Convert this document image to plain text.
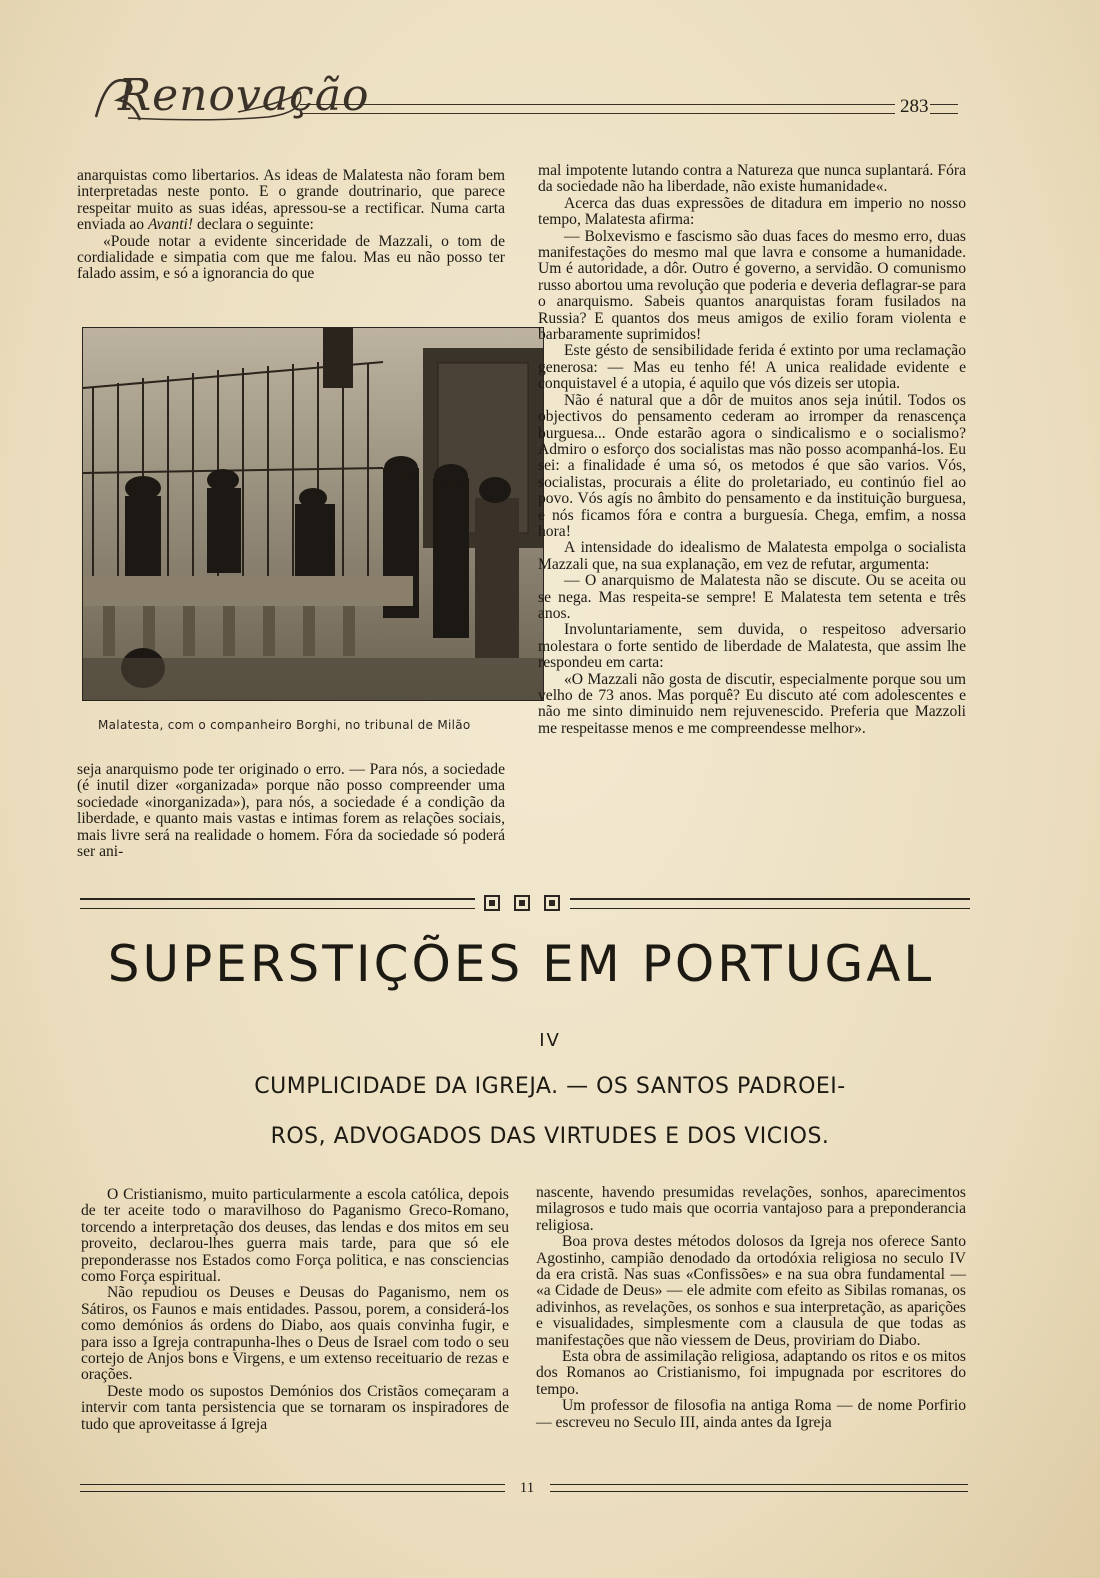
Renovação	283

anarquistas como libertarios. As ideas de Malatesta não foram bem interpretadas neste ponto. E o grande doutrinario, que parece respeitar muito as suas idéas, apressou-se a rectificar. Numa carta enviada ao Avanti! declara o seguinte:

«Poude notar a evidente sinceridade de Mazzali, o tom de cordialidade e simpatia com que me falou. Mas eu não posso ter falado assim, e só a ignorancia do que

Malatesta, com o companheiro Borghi, no tribunal de Milão

seja anarquismo pode ter originado o erro. — Para nós, a sociedade (é inutil dizer «organizada» porque não posso compreender uma sociedade «inorganizada»), para nós, a sociedade é a condição da liberdade, e quanto mais vastas e intimas forem as relações sociais, mais livre será na realidade o homem. Fóra da sociedade só poderá ser ani-

mal impotente lutando contra a Natureza que nunca suplantará. Fóra da sociedade não ha liberdade, não existe humanidade«.

Acerca das duas expressões de ditadura em imperio no nosso tempo, Malatesta afirma:

— Bolxevismo e fascismo são duas faces do mesmo erro, duas manifestações do mesmo mal que lavra e consome a humanidade. Um é autoridade, a dôr. Outro é governo, a servidão. O comunismo russo abortou uma revolução que poderia e deveria deflagrar-se para o anarquismo. Sabeis quantos anarquistas foram fusilados na Russia? E quantos dos meus amigos de exilio foram violenta e barbaramente suprimidos!

Este gésto de sensibilidade ferida é extinto por uma reclamação generosa: — Mas eu tenho fé! A unica realidade evidente e conquistavel é a utopia, é aquilo que vós dizeis ser utopia.

Não é natural que a dôr de muitos anos seja inútil. Todos os objectivos do pensamento cederam ao irromper da renascença burguesa... Onde estarão agora o sindicalismo e o socialismo? Admiro o esforço dos socialistas mas não posso acompanhá-los. Eu sei: a finalidade é uma só, os metodos é que são varios. Vós, socialistas, procurais a élite do proletariado, eu continúo fiel ao povo. Vós agís no âmbito do pensamento e da instituição burguesa, e nós ficamos fóra e contra a burguesía. Chega, emfim, a nossa hora!

A intensidade do idealismo de Malatesta empolga o socialista Mazzali que, na sua explanação, em vez de refutar, argumenta:

— O anarquismo de Malatesta não se discute. Ou se aceita ou se nega. Mas respeita-se sempre! E Malatesta tem setenta e três anos.

Involuntariamente, sem duvida, o respeitoso adversario molestara o forte sentido de liberdade de Malatesta, que assim lhe respondeu em carta:

«O Mazzali não gosta de discutir, especialmente porque sou um velho de 73 anos. Mas porquê? Eu discuto até com adolescentes e não me sinto diminuido nem rejuvenescido. Preferia que Mazzoli me respeitasse menos e me compreendesse melhor».

SUPERSTIÇÕES EM PORTUGAL
IV
CUMPLICIDADE DA IGREJA. — OS SANTOS PADROEI-
ROS, ADVOGADOS DAS VIRTUDES E DOS VICIOS.

O Cristianismo, muito particularmente a escola católica, depois de ter aceite todo o maravilhoso do Paganismo Greco-Romano, torcendo a interpretação dos deuses, das lendas e dos mitos em seu proveito, declarou-lhes guerra mais tarde, para que só ele preponderasse nos Estados como Força politica, e nas consciencias como Força espiritual.

Não repudiou os Deuses e Deusas do Paganismo, nem os Sátiros, os Faunos e mais entidades. Passou, porem, a considerá-los como demónios ás ordens do Diabo, aos quais convinha fugir, e para isso a Igreja contrapunha-lhes o Deus de Israel com todo o seu cortejo de Anjos bons e Virgens, e um extenso receituario de rezas e orações.

Deste modo os supostos Demónios dos Cristãos começaram a intervir com tanta persistencia que se tornaram os inspiradores de tudo que aproveitasse á Igreja

nascente, havendo presumidas revelações, sonhos, aparecimentos milagrosos e tudo mais que ocorria vantajoso para a preponderancia religiosa.

Boa prova destes métodos dolosos da Igreja nos oferece Santo Agostinho, campião denodado da ortodóxia religiosa no seculo IV da era cristã. Nas suas «Confissões» e na sua obra fundamental — «a Cidade de Deus» — ele admite com efeito as Sibilas romanas, os adivinhos, as revelações, os sonhos e sua interpretação, as aparições e visualidades, simplesmente com a clausula de que todas as manifestações que não viessem de Deus, proviriam do Diabo.

Esta obra de assimilação religiosa, adaptando os ritos e os mitos dos Romanos ao Cristianismo, foi impugnada por escritores do tempo.

Um professor de filosofia na antiga Roma — de nome Porfirio — escreveu no Seculo III, ainda antes da Igreja

11
